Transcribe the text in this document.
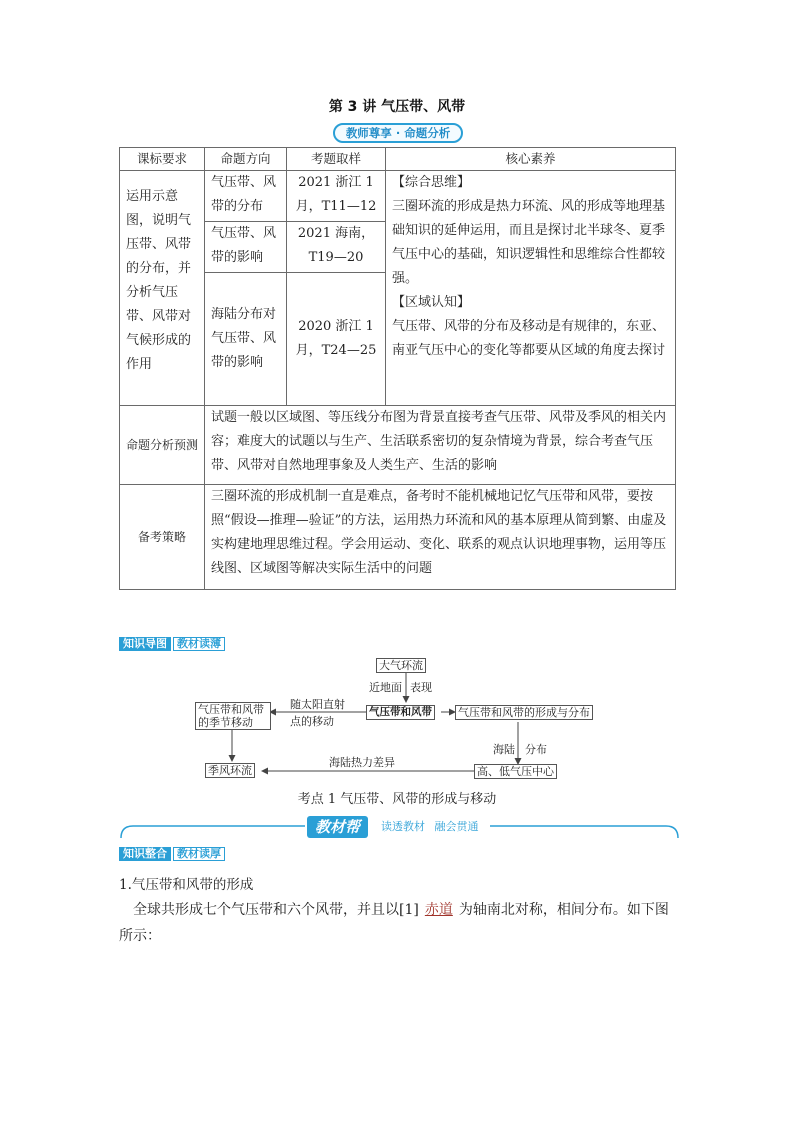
第 3 讲 气压带、风带
教师尊享 · 命题分析
课标要求	命题方向	考题取样	核心素养
运用示意图，说明气压带、风带的分布，并分析气压带、风带对气候形成的作用	气压带、风带的分布	2021 浙江 1 月，T11—12	【综合思维】
三圈环流的形成是热力环流、风的形成等地理基础知识的延伸运用，而且是探讨北半球冬、夏季气压中心的基础，知识逻辑性和思维综合性都较强。
【区域认知】
气压带、风带的分布及移动是有规律的，东亚、南亚气压中心的变化等都要从区域的角度去探讨

	气压带、风带的影响	2021 海南，T19—20	
	海陆分布对气压带、风带的影响	2020 浙江 1 月，T24—25	
命题分析预测	试题一般以区域图、等压线分布图为背景直接考查气压带、风带及季风的相关内容；难度大的试题以与生产、生活联系密切的复杂情境为背景，综合考查气压带、风带对自然地理事象及人类生产、生活的影响		
备考策略	三圈环流的形成机制一直是难点，备考时不能机械地记忆气压带和风带，要按照“假设—推理—验证”的方法，运用热力环流和风的基本原理从简到繁、由虚及实构建地理思维过程。学会用运动、变化、联系的观点认识地理事物，运用等压线图、区域图等解决实际生活中的问题		
知识导图 教材读薄
大气环流
近地面 表现
气压带和风带
随太阳直射
点的移动
气压带和风带的季节移动
气压带和风带的形成与分布
海陆 分布
高、低气压中心
海陆热力差异
季风环流
考点 1 气压带、风带的形成与移动
教材帮	读透教材 融会贯通
知识整合 教材读厚
1.气压带和风带的形成
全球共形成七个气压带和六个风带，并且以[1] 赤道 为轴南北对称，相间分布。如下图所示：
